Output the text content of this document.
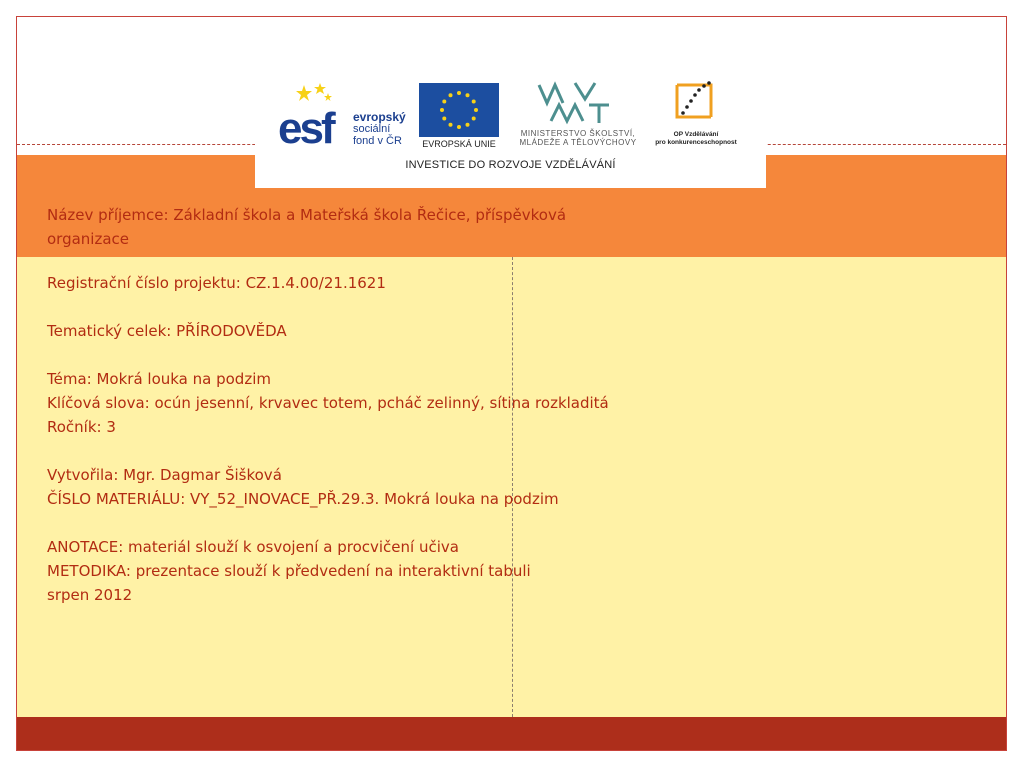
esf evropský
sociální
fond v ČR	EVROPSKÁ UNIE
MINISTERSTVO ŠKOLSTVÍ,
MLÁDEŽE A TĚLOVÝCHOVY
OP Vzdělávání
pro konkurenceschopnost
INVESTICE DO ROZVOJE VZDĚLÁVÁNÍ

Název příjemce: Základní škola a Mateřská škola Řečice, příspěvková

organizace

Registrační číslo projektu: CZ.1.4.00/21.1621

Tematický celek: PŘÍRODOVĚDA

Téma: Mokrá louka na podzim

Klíčová slova: ocún jesenní, krvavec totem, pcháč zelinný, sítina rozkladitá

Ročník: 3

Vytvořila: Mgr. Dagmar Šišková

ČÍSLO MATERIÁLU: VY_52_INOVACE_PŘ.29.3. Mokrá louka na podzim

ANOTACE: materiál slouží k osvojení a procvičení učiva

METODIKA: prezentace slouží k předvedení na interaktivní tabuli

srpen 2012
